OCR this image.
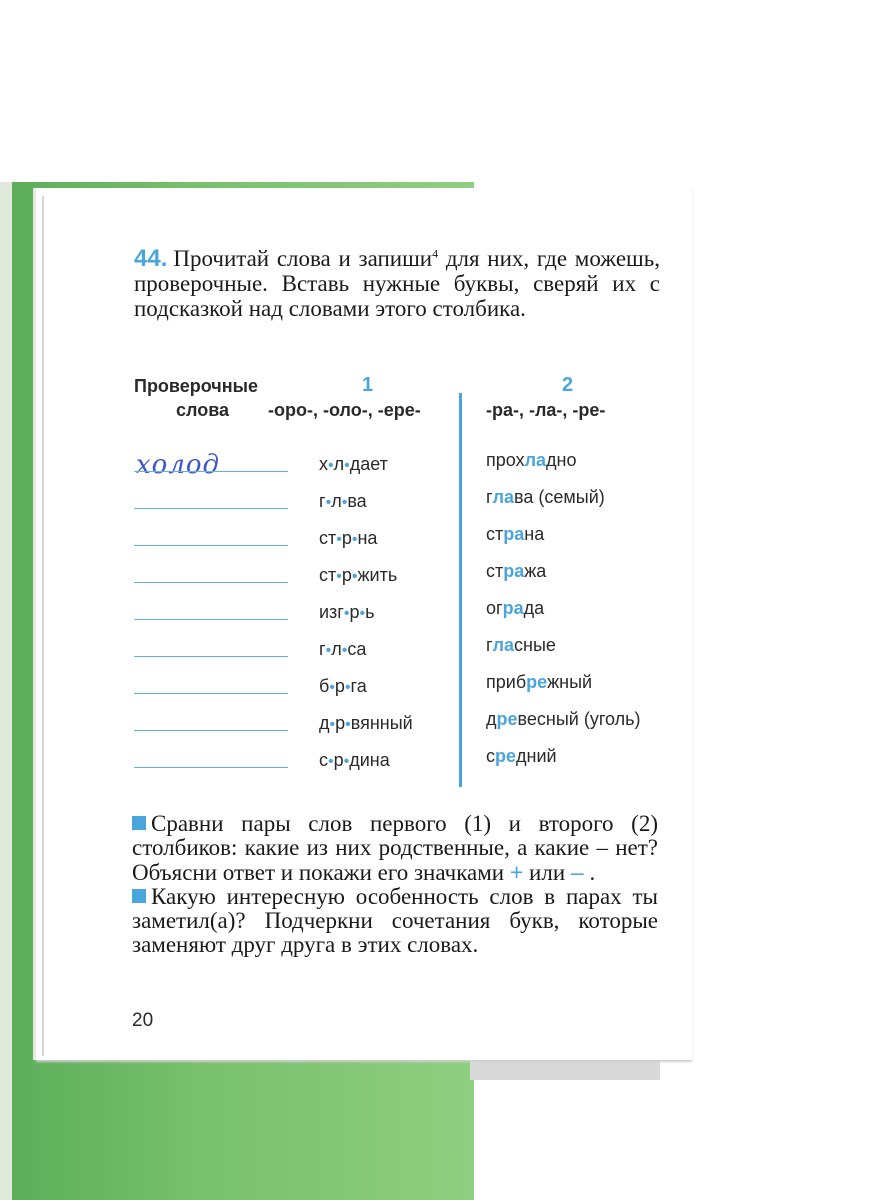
44. Прочитай слова и запиши$^4$ для них, где можешь, проверочные. Вставь нужные буквы, сверяй их с подсказкой над словами этого столбика.
Проверочные
слова
1
-оро-, -оло-, -ере-
2
-ра-, -ла-, -ре-
холод	х•л•дает
г•л•ва
ст•р•на
ст•р•жить
изг•р•ь
г•л•са
б•р•га
д•р•вянный
с•р•дина
прохладно
глава (семый)
страна
стража
ограда
гласные
прибрежный
древесный (уголь)
средний

Сравни пары слов первого (1) и второго (2) столбиков: какие из них родственные, а какие – нет? Объясни ответ и покажи его значками + или – .

Какую интересную особенность слов в парах ты заметил(а)? Подчеркни сочетания букв, которые заменяют друг друга в этих словах.

20
